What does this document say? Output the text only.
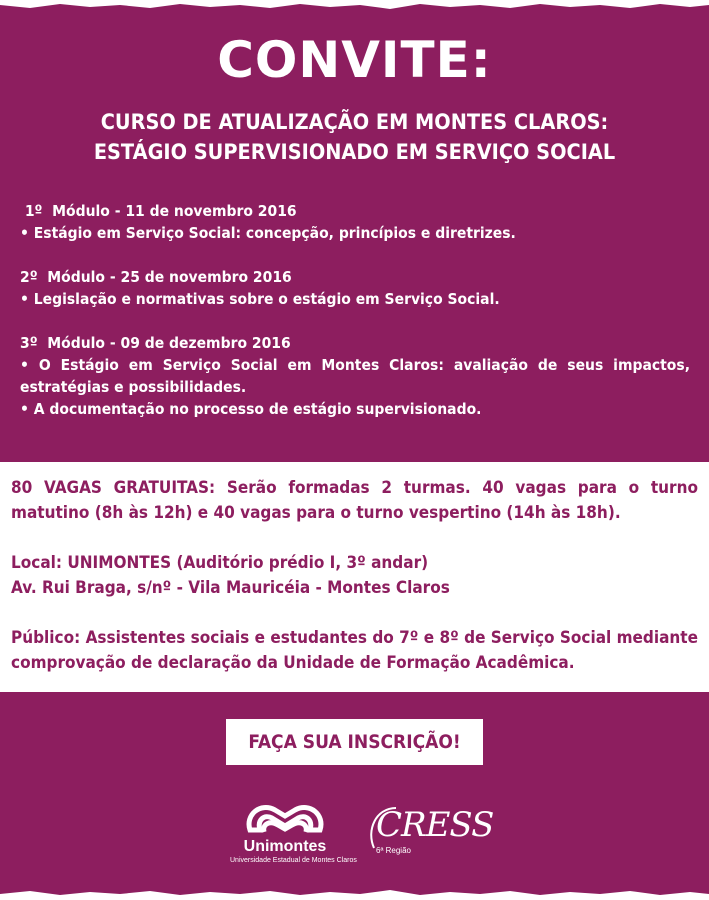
CONVITE:
CURSO DE ATUALIZAÇÃO EM MONTES CLAROS:
ESTÁGIO SUPERVISIONADO EM SERVIÇO SOCIAL
1º  Módulo - 11 de novembro 2016
• Estágio em Serviço Social: concepção, princípios e diretrizes.
2º  Módulo - 25 de novembro 2016
• Legislação e normativas sobre o estágio em Serviço Social.
3º  Módulo - 09 de dezembro 2016
• O Estágio em Serviço Social em Montes Claros: avaliação de seus impactos, estratégias e possibilidades.
• A documentação no processo de estágio supervisionado.
80 VAGAS GRATUITAS: Serão formadas 2 turmas. 40 vagas para o turno matutino (8h às 12h) e 40 vagas para o turno vespertino (14h às 18h).
Local: UNIMONTES (Auditório prédio I, 3º andar)
Av. Rui Braga, s/nº - Vila Mauricéia - Montes Claros
Público: Assistentes sociais e estudantes do 7º e 8º de Serviço Social mediante comprovação de declaração da Unidade de Formação Acadêmica.
FAÇA SUA INSCRIÇÃO!
Unimontes
Universidade Estadual de Montes Claros
CRESS
6ª Região
